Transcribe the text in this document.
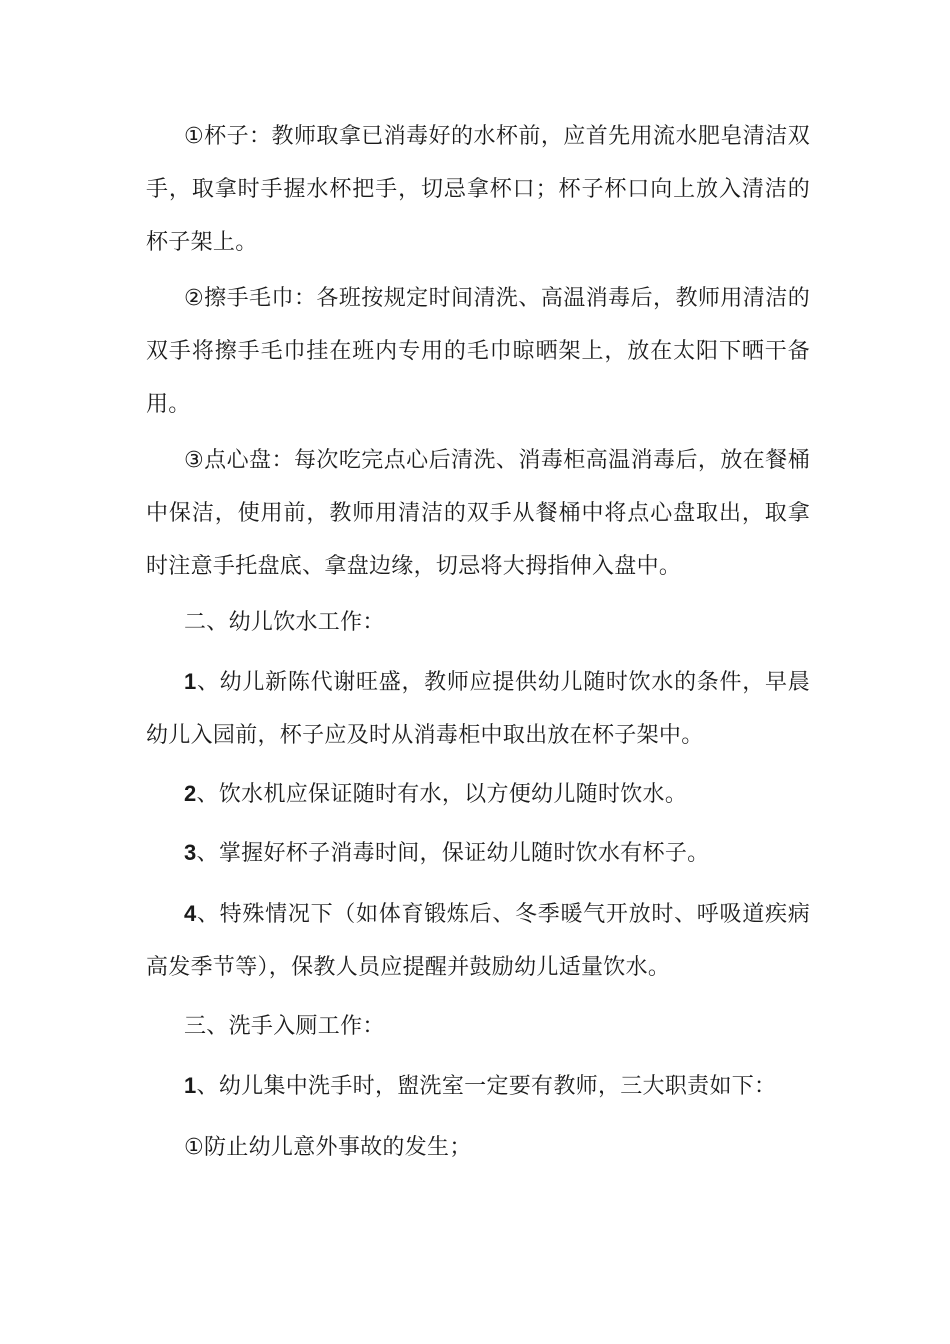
①杯子：教师取拿已消毒好的水杯前，应首先用流水肥皂清洁双手，取拿时手握水杯把手，切忌拿杯口；杯子杯口向上放入清洁的杯子架上。

②擦手毛巾：各班按规定时间清洗、高温消毒后，教师用清洁的双手将擦手毛巾挂在班内专用的毛巾晾晒架上，放在太阳下晒干备用。

③点心盘：每次吃完点心后清洗、消毒柜高温消毒后，放在餐桶中保洁，使用前，教师用清洁的双手从餐桶中将点心盘取出，取拿时注意手托盘底、拿盘边缘，切忌将大拇指伸入盘中。

二、幼儿饮水工作：

1、幼儿新陈代谢旺盛，教师应提供幼儿随时饮水的条件，早晨幼儿入园前，杯子应及时从消毒柜中取出放在杯子架中。

2、饮水机应保证随时有水，以方便幼儿随时饮水。

3、掌握好杯子消毒时间，保证幼儿随时饮水有杯子。

4、特殊情况下（如体育锻炼后、冬季暖气开放时、呼吸道疾病高发季节等），保教人员应提醒并鼓励幼儿适量饮水。

三、洗手入厕工作：

1、幼儿集中洗手时，盥洗室一定要有教师，三大职责如下：

①防止幼儿意外事故的发生；
